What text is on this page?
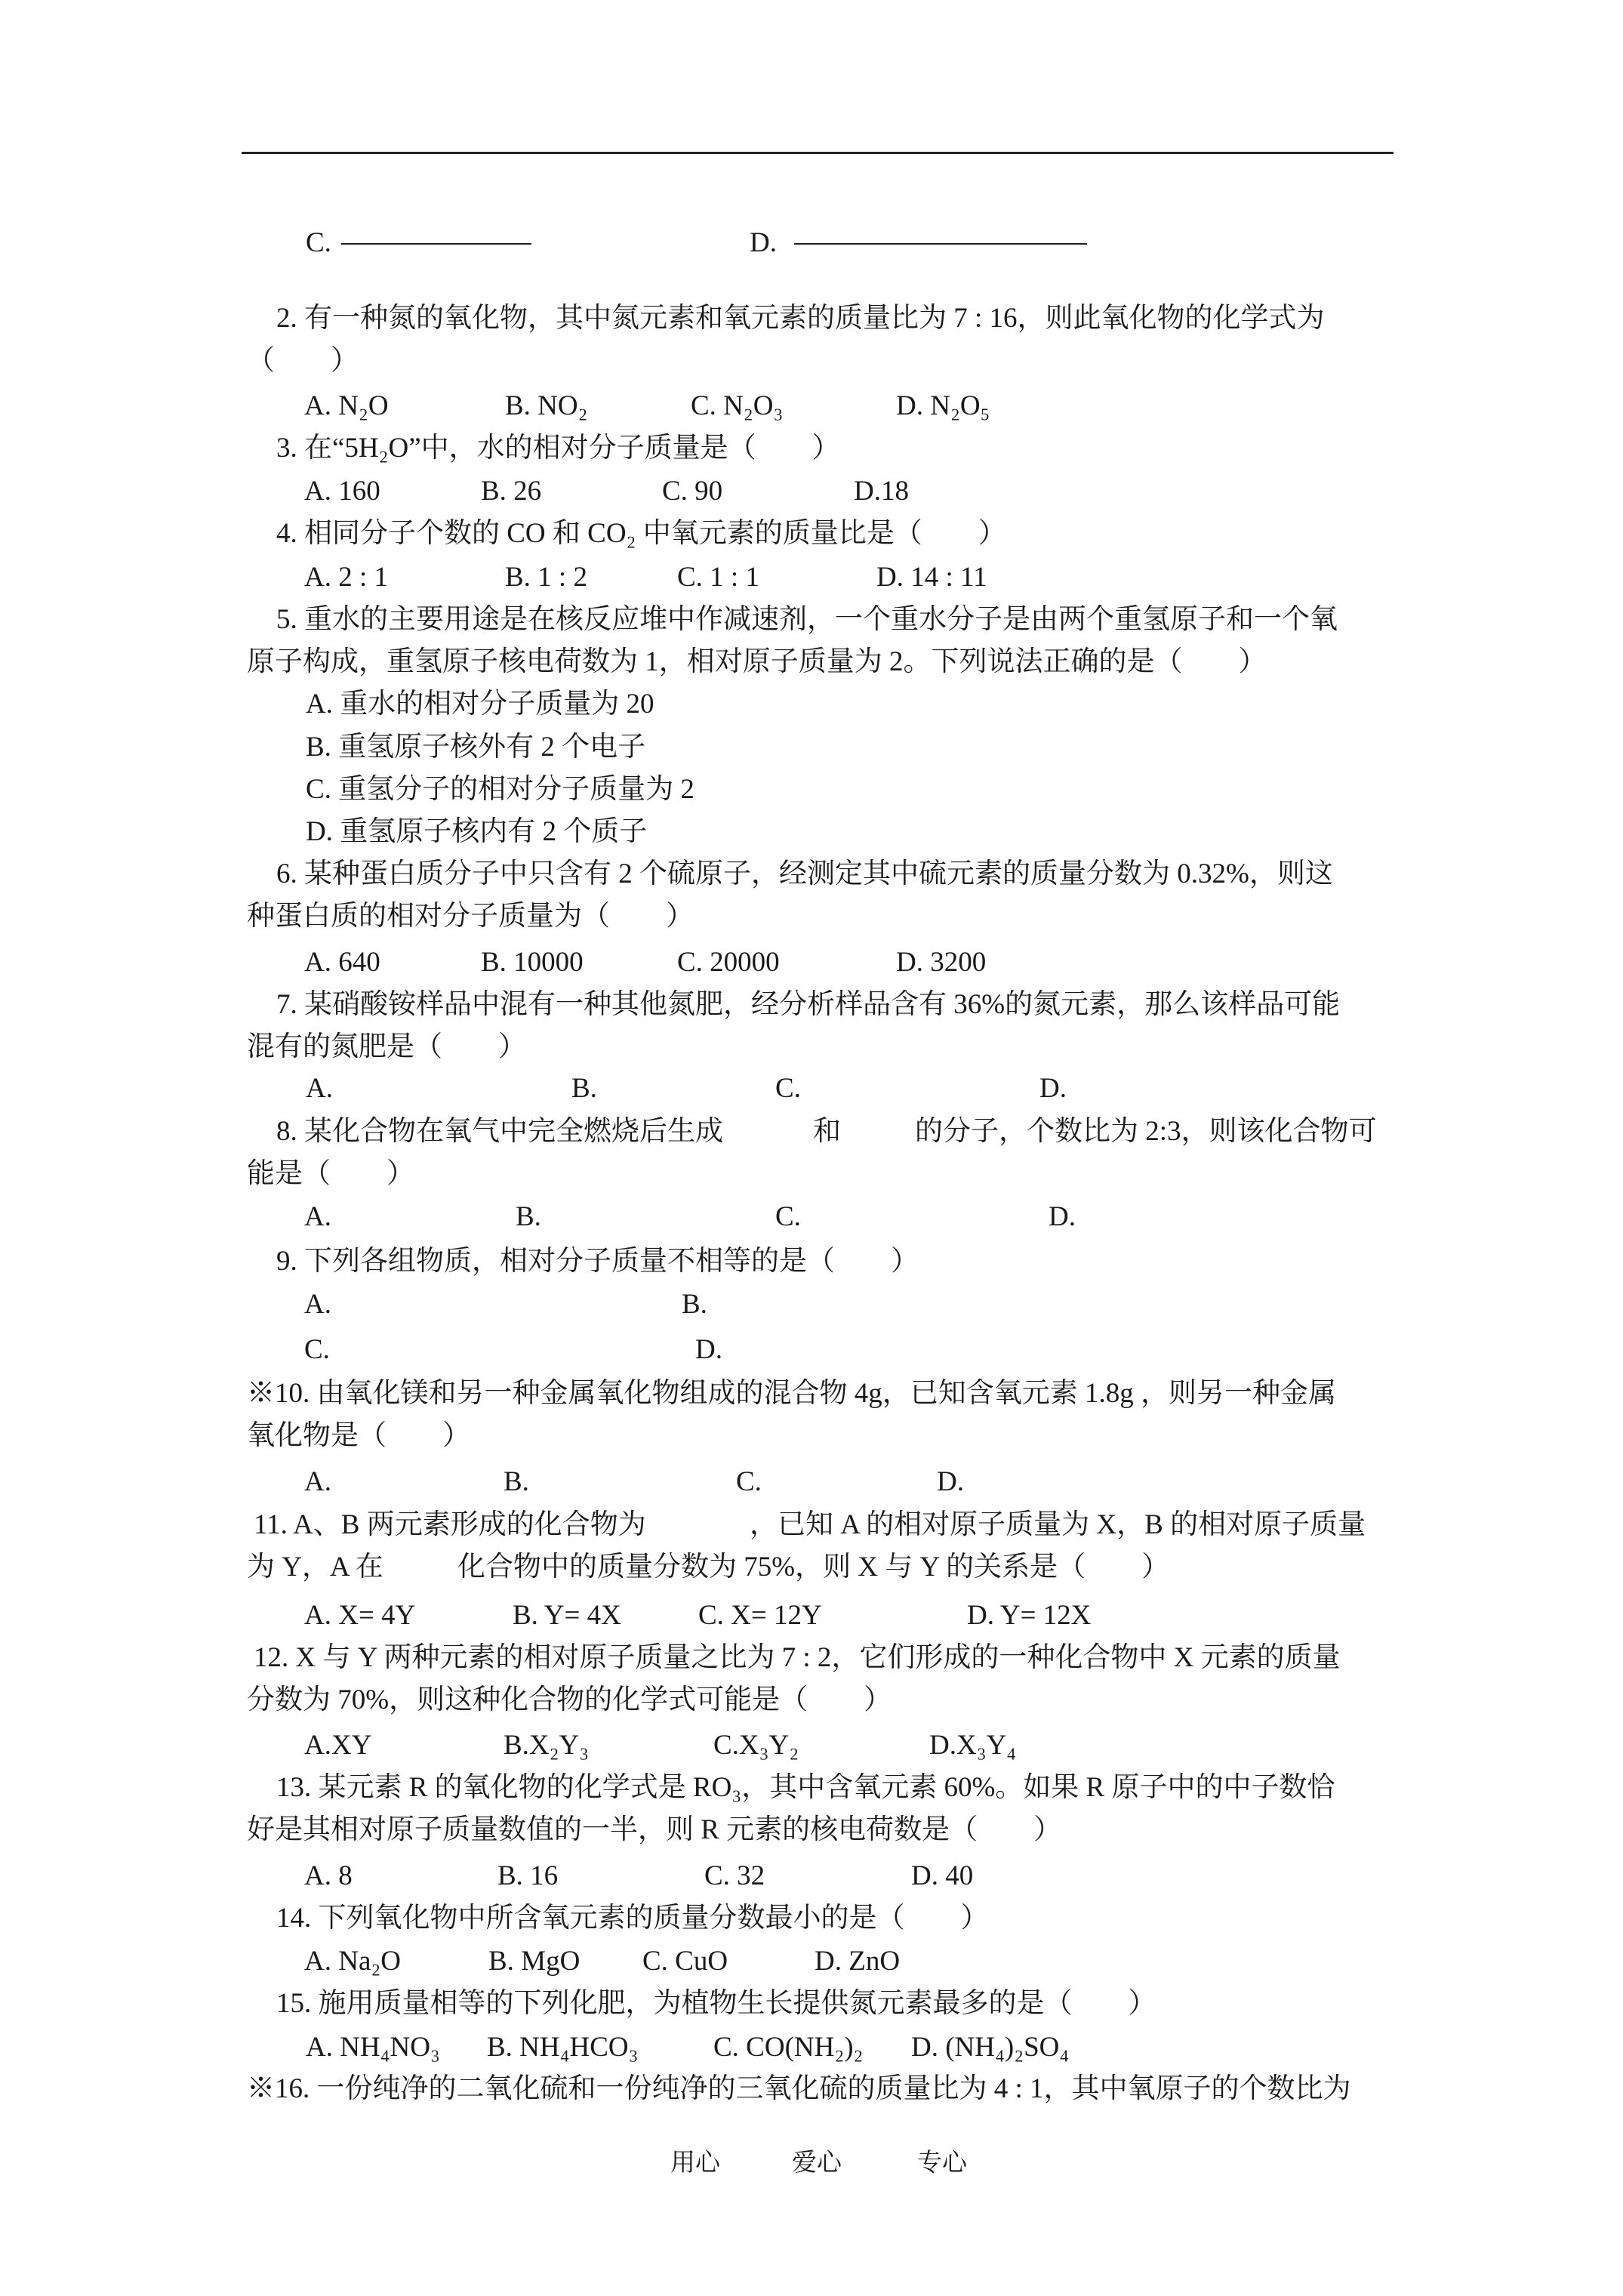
C.	D.
2. 有一种氮的氧化物，其中氮元素和氧元素的质量比为 7 : 16，则此氧化物的化学式为
（　　）
A. N₂O	B. NO₂	C. N₂O₃	D. N₂O₅
3. 在“5H₂O”中，水的相对分子质量是（　　）
A. 160	B. 26	C. 90	D.18
4. 相同分子个数的 CO 和 CO₂ 中氧元素的质量比是（　　）
A. 2 : 1	B. 1 : 2	C. 1 : 1	D. 14 : 11
5. 重水的主要用途是在核反应堆中作减速剂，一个重水分子是由两个重氢原子和一个氧
原子构成，重氢原子核电荷数为 1，相对原子质量为 2。下列说法正确的是（　　）
A. 重水的相对分子质量为 20
B. 重氢原子核外有 2 个电子
C. 重氢分子的相对分子质量为 2
D. 重氢原子核内有 2 个质子
6. 某种蛋白质分子中只含有 2 个硫原子，经测定其中硫元素的质量分数为 0.32%，则这
种蛋白质的相对分子质量为（　　）
A. 640	B. 10000	C. 20000	D. 3200
7. 某硝酸铵样品中混有一种其他氮肥，经分析样品含有 36%的氮元素，那么该样品可能
混有的氮肥是（　　）
A.	B.	C.	D.
8. 某化合物在氧气中完全燃烧后生成	和	的分子，个数比为 2:3，则该化合物可
能是（　　）
A.	B.	C.	D.
9. 下列各组物质，相对分子质量不相等的是（　　）
A.	B.
C.	D.
※10. 由氧化镁和另一种金属氧化物组成的混合物 4g，已知含氧元素 1.8g ，则另一种金属
氧化物是（　　）
A.	B.	C.	D.
11. A、B 两元素形成的化合物为	，已知 A 的相对原子质量为 X，B 的相对原子质量
为 Y，A 在	化合物中的质量分数为 75%，则 X 与 Y 的关系是（　　）
A. X= 4Y	B. Y= 4X	C. X= 12Y	D. Y= 12X
12. X 与 Y 两种元素的相对原子质量之比为 7 : 2，它们形成的一种化合物中 X 元素的质量
分数为 70%，则这种化合物的化学式可能是（　　）
A.XY	B.X₂Y₃	C.X₃Y₂	D.X₃Y₄
13. 某元素 R 的氧化物的化学式是 RO₃，其中含氧元素 60%。如果 R 原子中的中子数恰
好是其相对原子质量数值的一半，则 R 元素的核电荷数是（　　）
A. 8	B. 16	C. 32	D. 40
14. 下列氧化物中所含氧元素的质量分数最小的是（　　）
A. Na₂O	B. MgO C. CuO	D. ZnO
15. 施用质量相等的下列化肥，为植物生长提供氮元素最多的是（　　）
A. NH₄NO₃ B. NH₄HCO₃	C. CO(NH₂)₂ D. (NH₄)₂SO₄
※16. 一份纯净的二氧化硫和一份纯净的三氧化硫的质量比为 4 : 1，其中氧原子的个数比为
用心	爱心	专心
